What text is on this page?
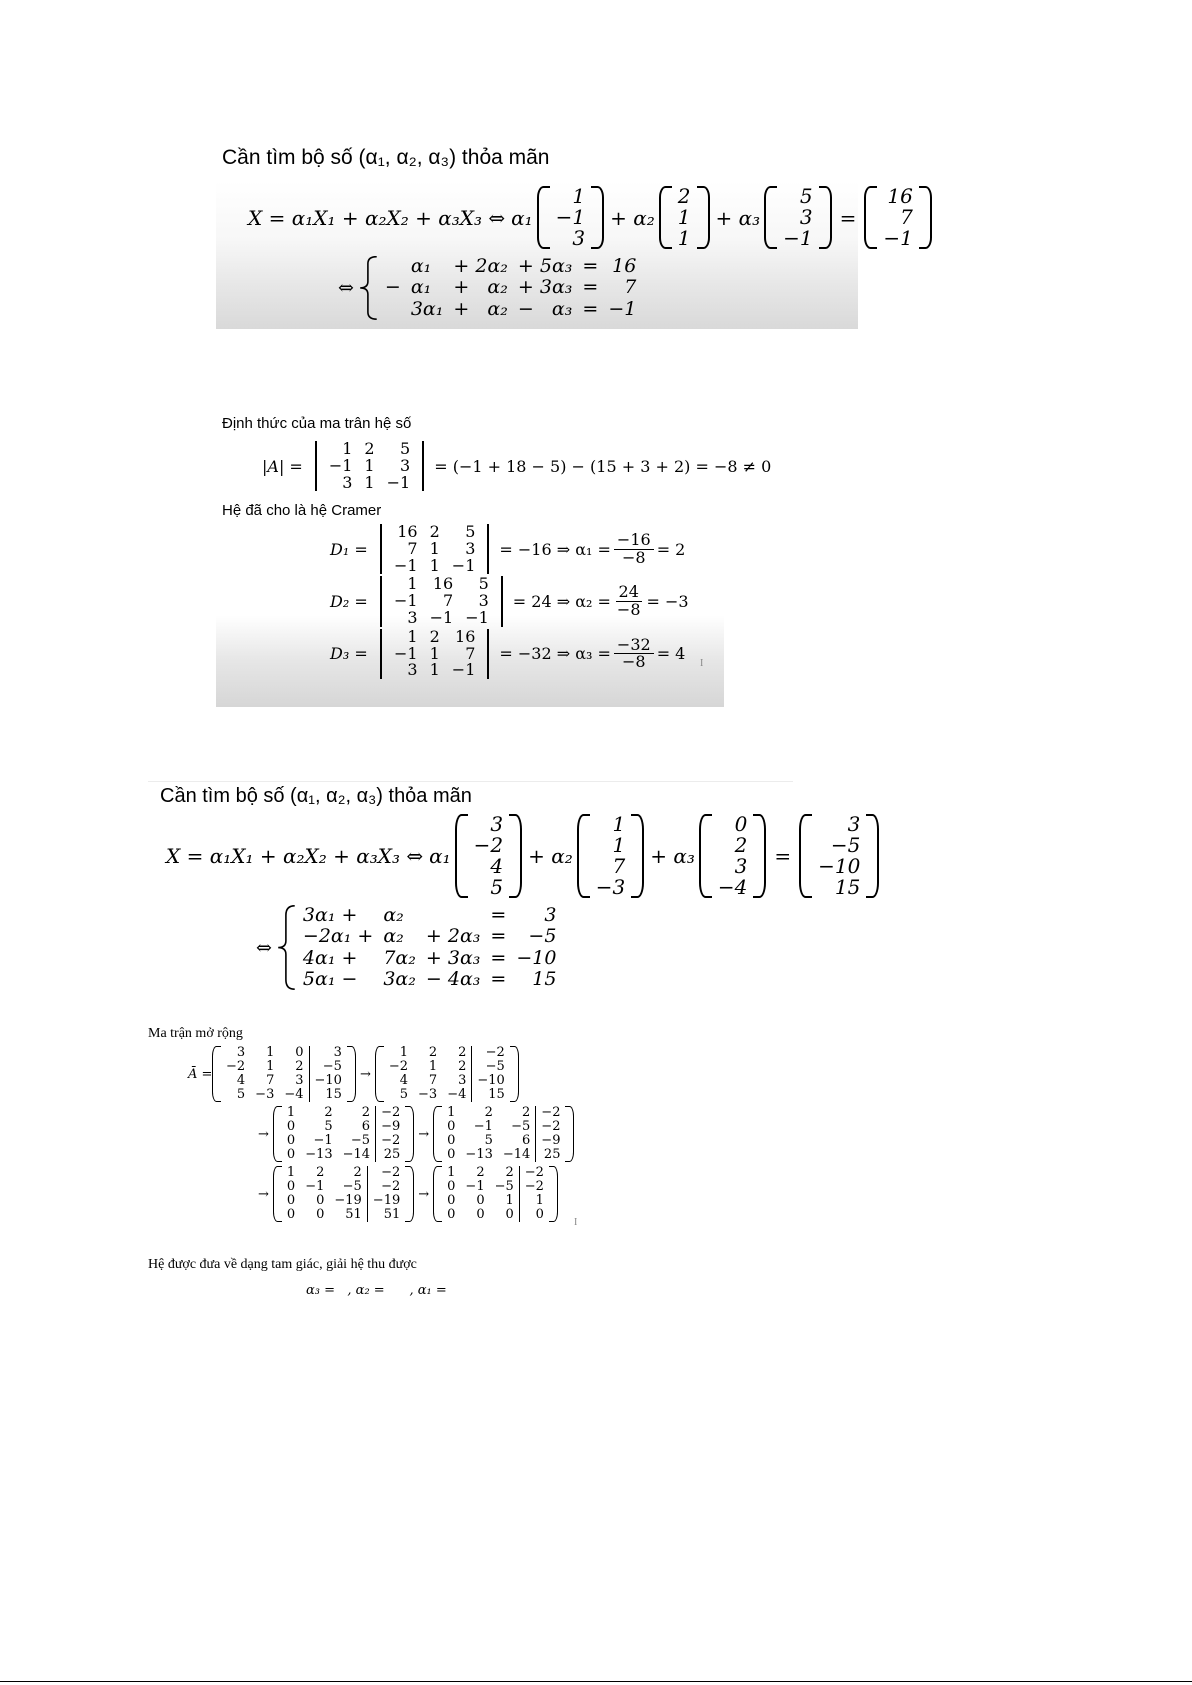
Cần tìm bộ số (α₁, α₂, α₃) thỏa mãn
X = α₁X₁ + α₂X₂ + α₃X₃ ⇔ α₁
1
−1
3
+ α₂
2
1
1
+ α₃
5
3
−1
=
16
7
−1
⇔
	α₁	+ 2α₂	+ 5α₃	=	16
−	α₁	+   α₂	+ 3α₃	=	7
	3α₁	+   α₂	−   α₃	=	−1
Định thức của ma trân hệ số
|A| =
1	2	5
−1	1	3
3	1	−1
= (−1 + 18 − 5) − (15 + 3 + 2) = −8 ≠ 0
Hệ đã cho là hệ Cramer
D₁ =
16	2	5
7	1	3
−1	1	−1
= −16 ⇒ $\alpha_1 = \frac{-16}{-8} = 2$
D₂ =
1	16	5
−1	7	3
3	−1	−1
= 24 ⇒ $\alpha_2 = \frac{24}{-8} = -3$
D₃ =
1	2	16
−1	1	7
3	1	−1
= −32 ⇒ $\alpha_3 = \frac{-32}{-8} = 4$
I
Cần tìm bộ số (α₁, α₂, α₃) thỏa mãn
X = α₁X₁ + α₂X₂ + α₃X₃ ⇔ α₁
3
−2
4
5
+ α₂
1
1
7
−3
+ α₃
0
2
3
−4
=
3
−5
−10
15
⇔
3α₁ +	α₂		=	3
−2α₁ +	α₂	+ 2α₃	=	−5
4α₁ +	7α₂	+ 3α₃	=	−10
5α₁ −	3α₂	− 4α₃	=	15
Ma trận mở rộng
Ā =
3	1	0	3
−2	1	2	−5
4	7	3	−10
5	−3	−4	15
→
1	2	2	−2
−2	1	2	−5
4	7	3	−10
5	−3	−4	15
→
1	2	2	−2
0	5	6	−9
0	−1	−5	−2
0	−13	−14	25
→
1	2	2	−2
0	−1	−5	−2
0	5	6	−9
0	−13	−14	25
→
1	2	2	−2
0	−1	−5	−2
0	0	−19	−19
0	0	51	51
→
1	2	2	−2
0	−1	−5	−2
0	0	1	1
0	0	0	0
I
Hệ được đưa về dạng tam giác, giải hệ thu được
α₃ =   , α₂ =      , α₁ =
